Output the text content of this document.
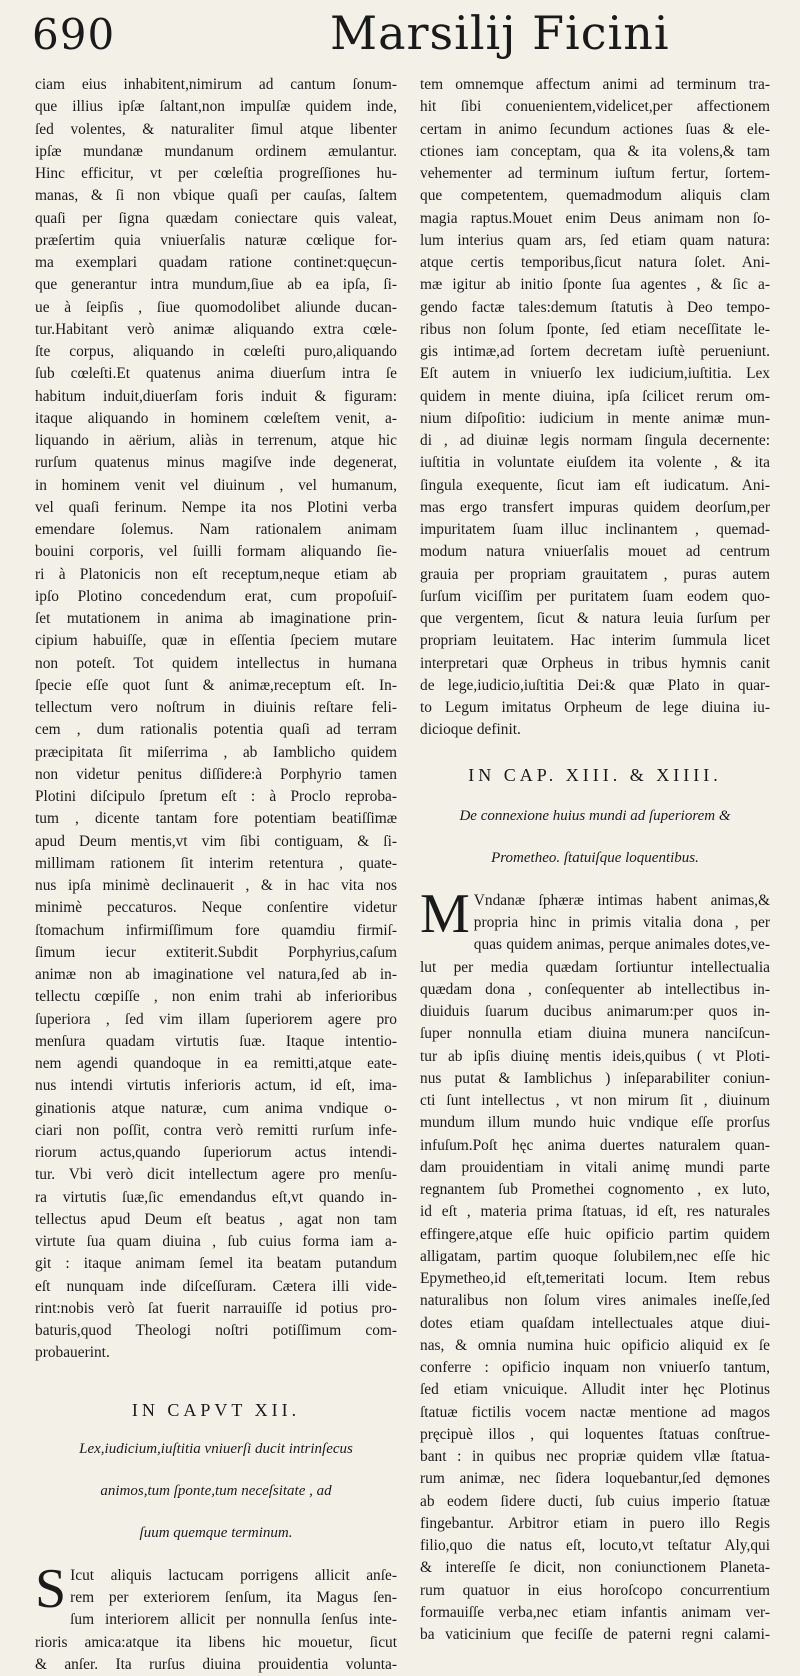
690	Marsilij Ficini
ciam eius inhabitent,nimirum ad cantum ſonum-
que illius ipſæ ſaltant,non impulſæ quidem inde,
ſed volentes, & naturaliter ſimul atque libenter
ipſæ mundanæ mundanum ordinem æmulantur.
Hinc efficitur, vt per cœleſtia progreſſiones hu-
manas, & ſi non vbique quaſi per cauſas, ſaltem
quaſi per ſigna quædam coniectare quis valeat,
præſertim quia vniuerſalis naturæ cœlique for-
ma exemplari quadam ratione continet:quęcun-
que generantur intra mundum,ſiue ab ea ipſa, ſi-
ue à ſeipſis , ſiue quomodolibet aliunde ducan-
tur.Habitant verò animæ aliquando extra cœle-
ſte corpus, aliquando in cœleſti puro,aliquando
ſub cœleſti.Et quatenus anima diuerſum intra ſe
habitum induit,diuerſam foris induit & figuram:
itaque aliquando in hominem cœleſtem venit, a-
liquando in aërium, aliàs in terrenum, atque hic
rurſum quatenus minus magiſve inde degenerat,
in hominem venit vel diuinum , vel humanum,
vel quaſi ferinum. Nempe ita nos Plotini verba
emendare ſolemus. Nam rationalem animam
bouini corporis, vel ſuilli formam aliquando ſie-
ri à Platonicis non eſt receptum,neque etiam ab
ipſo Plotino concedendum erat, cum propoſuiſ-
ſet mutationem in anima ab imaginatione prin-
cipium habuiſſe, quæ in eſſentia ſpeciem mutare
non poteſt. Tot quidem intellectus in humana
ſpecie eſſe quot ſunt & animæ,receptum eſt. In-
tellectum vero noſtrum in diuinis reſtare feli-
cem , dum rationalis potentia quaſi ad terram
præcipitata ſit miſerrima , ab Iamblicho quidem
non videtur penitus diſſidere:à Porphyrio tamen
Plotini diſcipulo ſpretum eſt : à Proclo reproba-
tum , dicente tantam fore potentiam beatiſſimæ
apud Deum mentis,vt vim ſibi contiguam, & ſi-
millimam rationem ſit interim retentura , quate-
nus ipſa minimè declinauerit , & in hac vita nos
minimè peccaturos. Neque conſentire videtur
ſtomachum infirmiſſimum fore quamdiu firmiſ-
ſimum iecur extiterit.Subdit Porphyrius,caſum
animæ non ab imaginatione vel natura,ſed ab in-
tellectu cœpiſſe , non enim trahi ab inferioribus
ſuperiora , ſed vim illam ſuperiorem agere pro
menſura quadam virtutis ſuæ. Itaque intentio-
nem agendi quandoque in ea remitti,atque eate-
nus intendi virtutis inferioris actum, id eſt, ima-
ginationis atque naturæ, cum anima vndique o-
ciari non poſſit, contra verò remitti rurſum infe-
riorum actus,quando ſuperiorum actus intendi-
tur. Vbi verò dicit intellectum agere pro menſu-
ra virtutis ſuæ,ſic emendandus eſt,vt quando in-
tellectus apud Deum eſt beatus , agat non tam
virtute ſua quam diuina , ſub cuius forma iam a-
git : itaque animam ſemel ita beatam putandum
eſt nunquam inde diſceſſuram. Cætera illi vide-
rint:nobis verò ſat fuerit narrauiſſe id potius pro-
baturis,quod Theologi noſtri potiſſimum com-
probauerint.
IN CAPVT XII.
Lex,iudicium,iuſtitia vniuerſi ducit intrinſecus
animos,tum ſponte,tum neceſsitate , ad
ſuum quemque terminum.
S Icut aliquis lactucam porrigens allicit anſe-
rem per exteriorem ſenſum, ita Magus ſen-
ſum interiorem allicit per nonnulla ſenſus inte-
rioris amica:atque ita libens hic mouetur, ſicut
& anſer. Ita rurſus diuina prouidentia volunta-
tem omnemque affectum animi ad terminum tra-
hit ſibi conuenientem,videlicet,per affectionem
certam in animo ſecundum actiones ſuas & ele-
ctiones iam conceptam, qua & ita volens,& tam
vehementer ad terminum iuſtum fertur, ſortem-
que competentem, quemadmodum aliquis clam
magia raptus.Mouet enim Deus animam non ſo-
lum interius quam ars, ſed etiam quam natura:
atque certis temporibus,ſicut natura ſolet. Ani-
mæ igitur ab initio ſponte ſua agentes , & ſic a-
gendo factæ tales:demum ſtatutis à Deo tempo-
ribus non ſolum ſponte, ſed etiam neceſſitate le-
gis intimæ,ad ſortem decretam iuſtè perueniunt.
Eſt autem in vniuerſo lex iudicium,iuſtitia. Lex
quidem in mente diuina, ipſa ſcilicet rerum om-
nium diſpoſitio: iudicium in mente animæ mun-
di , ad diuinæ legis normam ſingula decernente:
iuſtitia in voluntate eiuſdem ita volente , & ita
ſingula exequente, ſicut iam eſt iudicatum. Ani-
mas ergo transfert impuras quidem deorſum,per
impuritatem ſuam illuc inclinantem , quemad-
modum natura vniuerſalis mouet ad centrum
grauia per propriam grauitatem , puras autem
ſurſum viciſſim per puritatem ſuam eodem quo-
que vergentem, ſicut & natura leuia ſurſum per
propriam leuitatem. Hac interim ſummula licet
interpretari quæ Orpheus in tribus hymnis canit
de lege,iudicio,iuſtitia Dei:& quæ Plato in quar-
to Legum imitatus Orpheum de lege diuina iu-
dicioque definit.
IN CAP. XIII. & XIIII.
De connexione huius mundi ad ſuperiorem &
Prometheo. ſtatuiſque loquentibus.
M Vndanæ ſphæræ intimas habent animas,&
propria hinc in primis vitalia dona , per
quas quidem animas, perque animales dotes,ve-
lut per media quædam ſortiuntur intellectualia
quædam dona , conſequenter ab intellectibus in-
diuiduis ſuarum ducibus animarum:per quos in-
ſuper nonnulla etiam diuina munera nanciſcun-
tur ab ipſis diuinę mentis ideis,quibus ( vt Ploti-
nus putat & Iamblichus ) inſeparabiliter coniun-
cti ſunt intellectus , vt non mirum ſit , diuinum
mundum illum mundo huic vndique eſſe prorſus
infuſum.Poſt hęc anima duertes naturalem quan-
dam prouidentiam in vitali animę mundi parte
regnantem ſub Promethei cognomento , ex luto,
id eſt , materia prima ſtatuas, id eſt, res naturales
effingere,atque eſſe huic opificio partim quidem
alligatam, partim quoque ſolubilem,nec eſſe hic
Epymetheo,id eſt,temeritati locum. Item rebus
naturalibus non ſolum vires animales ineſſe,ſed
dotes etiam quaſdam intellectuales atque diui-
nas, & omnia numina huic opificio aliquid ex ſe
conferre : opificio inquam non vniuerſo tantum,
ſed etiam vnicuique. Alludit inter hęc Plotinus
ſtatuæ fictilis vocem nactæ mentione ad magos
pręcipuè illos , qui loquentes ſtatuas conſtrue-
bant : in quibus nec propriæ quidem vllæ ſtatua-
rum animæ, nec ſidera loquebantur,ſed dęmones
ab eodem ſidere ducti, ſub cuius imperio ſtatuæ
fingebantur. Arbitror etiam in puero illo Regis
filio,quo die natus eſt, locuto,vt teſtatur Aly,qui
& intereſſe ſe dicit, non coniunctionem Planeta-
rum quatuor in eius horoſcopo concurrentium
formauiſſe verba,nec etiam infantis animam ver-
ba vaticinium que feciſſe de paterni regni calami-
